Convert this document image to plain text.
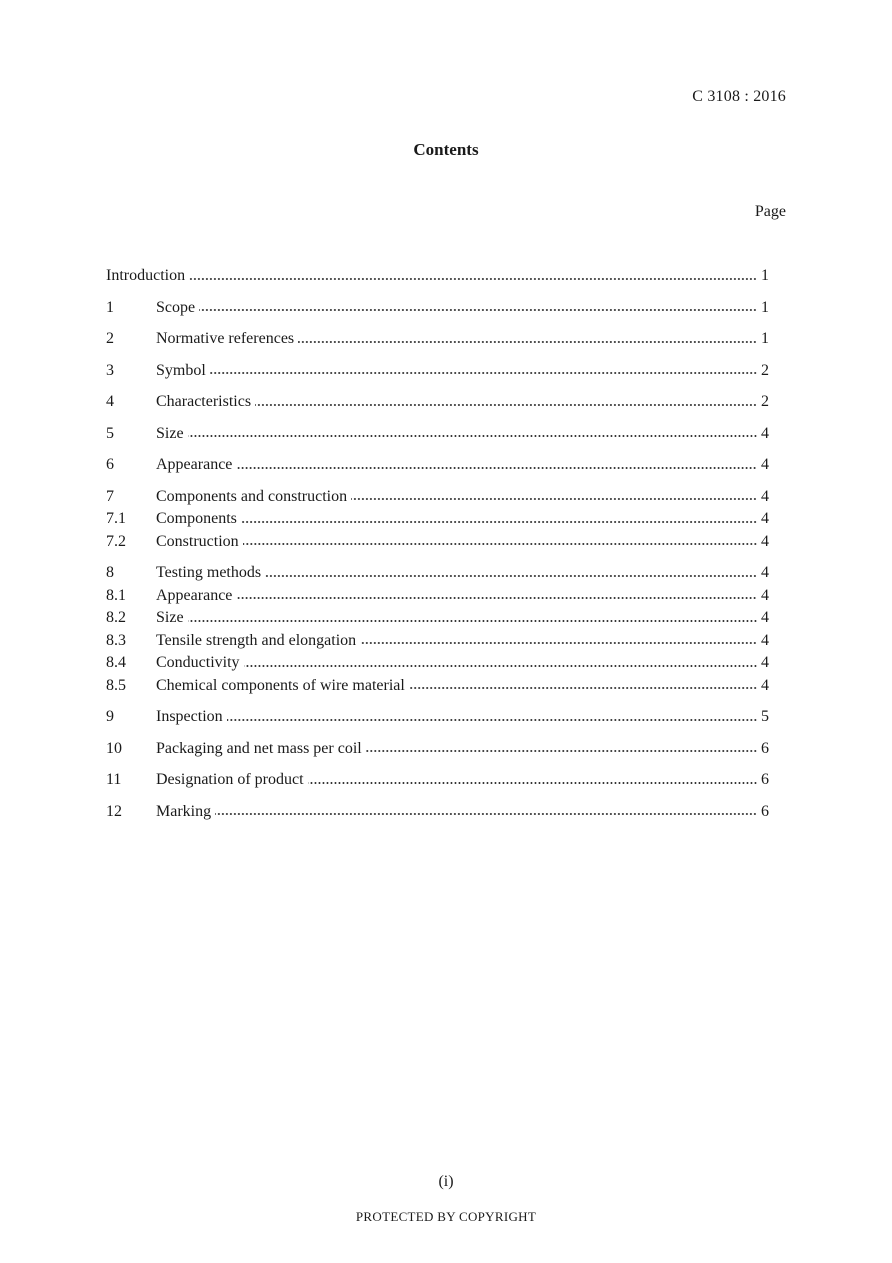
C 3108 : 2016
Contents
Page
Introduction	1
1	Scope	1
2	Normative references	1
3	Symbol	2
4	Characteristics	2
5	Size	4
6	Appearance	4
7	Components and construction	4
7.1	Components	4
7.2	Construction	4
8	Testing methods	4
8.1	Appearance	4
8.2	Size	4
8.3	Tensile strength and elongation	4
8.4	Conductivity	4
8.5	Chemical components of wire material	4
9	Inspection	5
10	Packaging and net mass per coil	6
11	Designation of product	6
12	Marking	6
(i)
PROTECTED BY COPYRIGHT
